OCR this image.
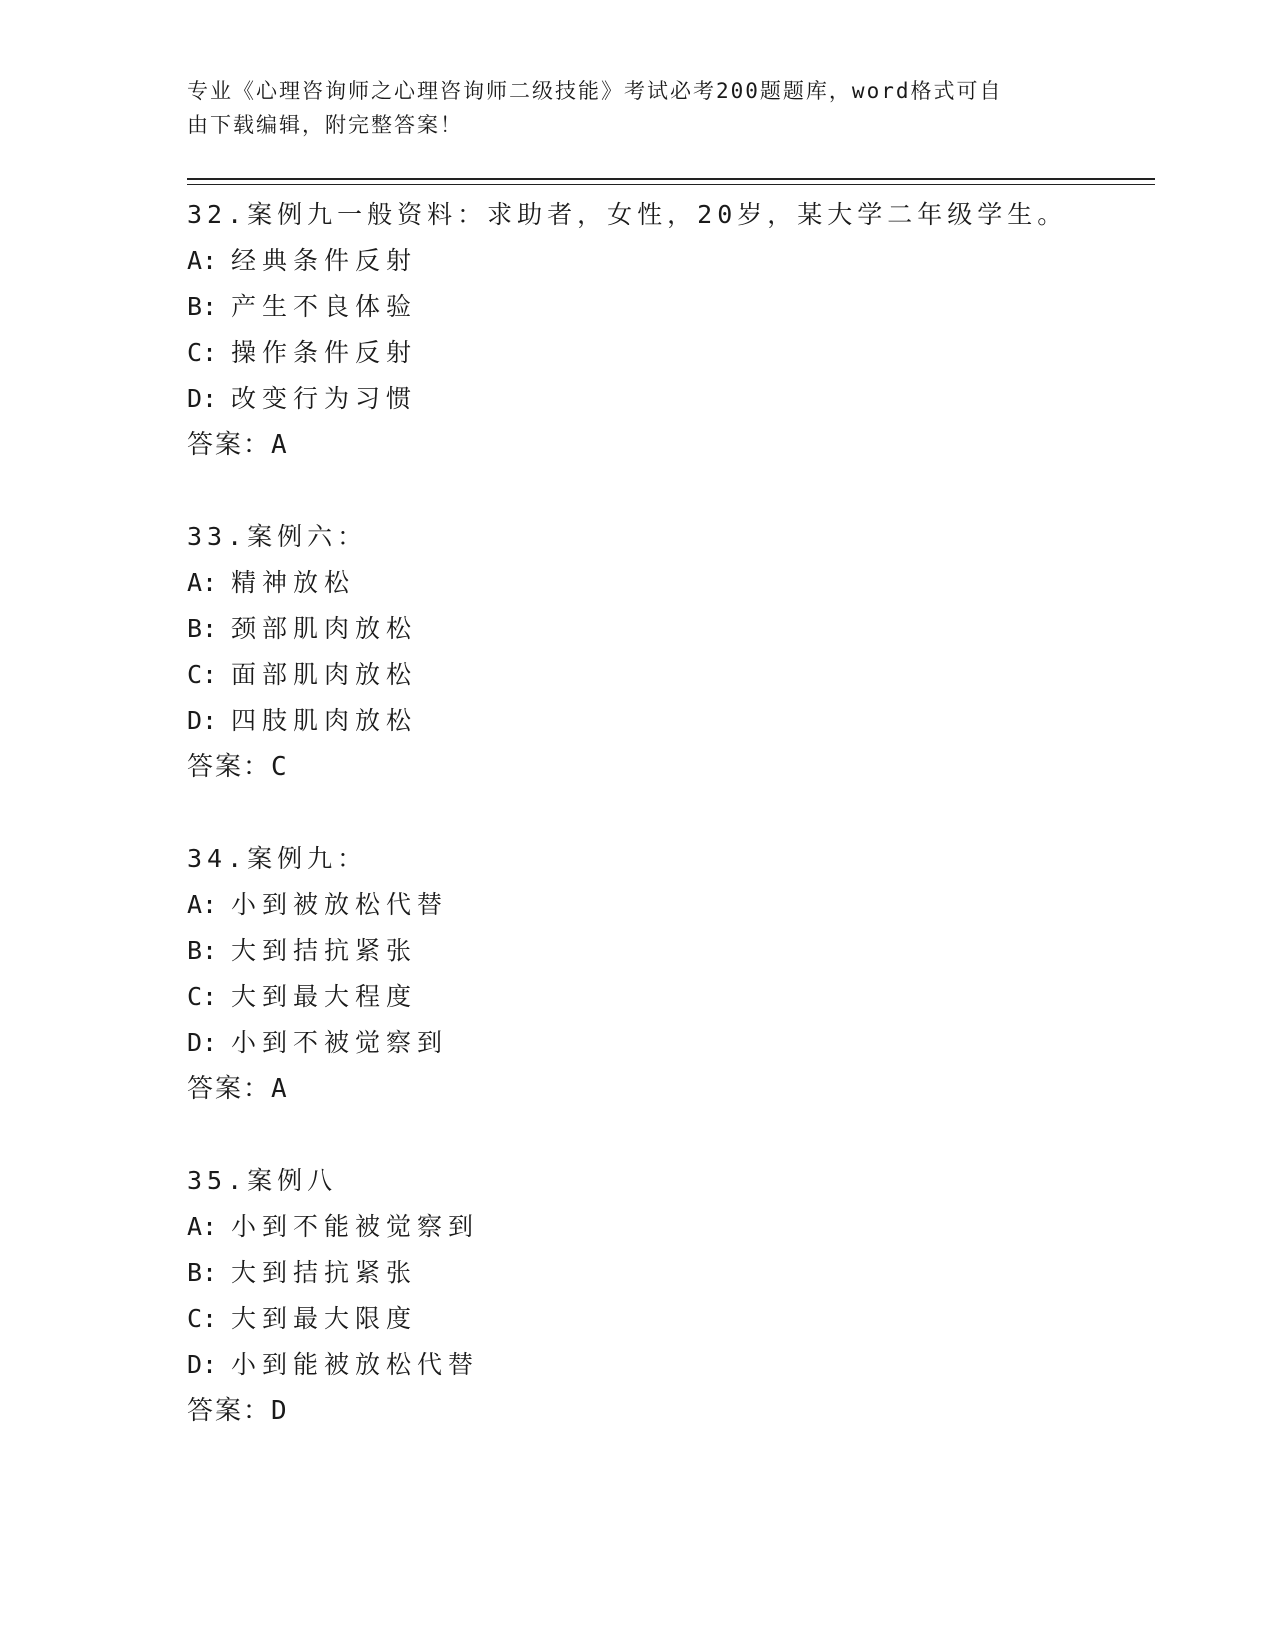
专业《心理咨询师之心理咨询师二级技能》考试必考200题题库，word格式可自

由下载编辑，附完整答案！

32.案例九一般资料：求助者，女性，20岁，某大学二年级学生。
A: 经典条件反射
B: 产生不良体验
C: 操作条件反射
D: 改变行为习惯
答案：A
33.案例六：
A: 精神放松
B: 颈部肌肉放松
C: 面部肌肉放松
D: 四肢肌肉放松
答案：C
34.案例九：
A: 小到被放松代替
B: 大到拮抗紧张
C: 大到最大程度
D: 小到不被觉察到
答案：A
35.案例八
A: 小到不能被觉察到
B: 大到拮抗紧张
C: 大到最大限度
D: 小到能被放松代替
答案：D
